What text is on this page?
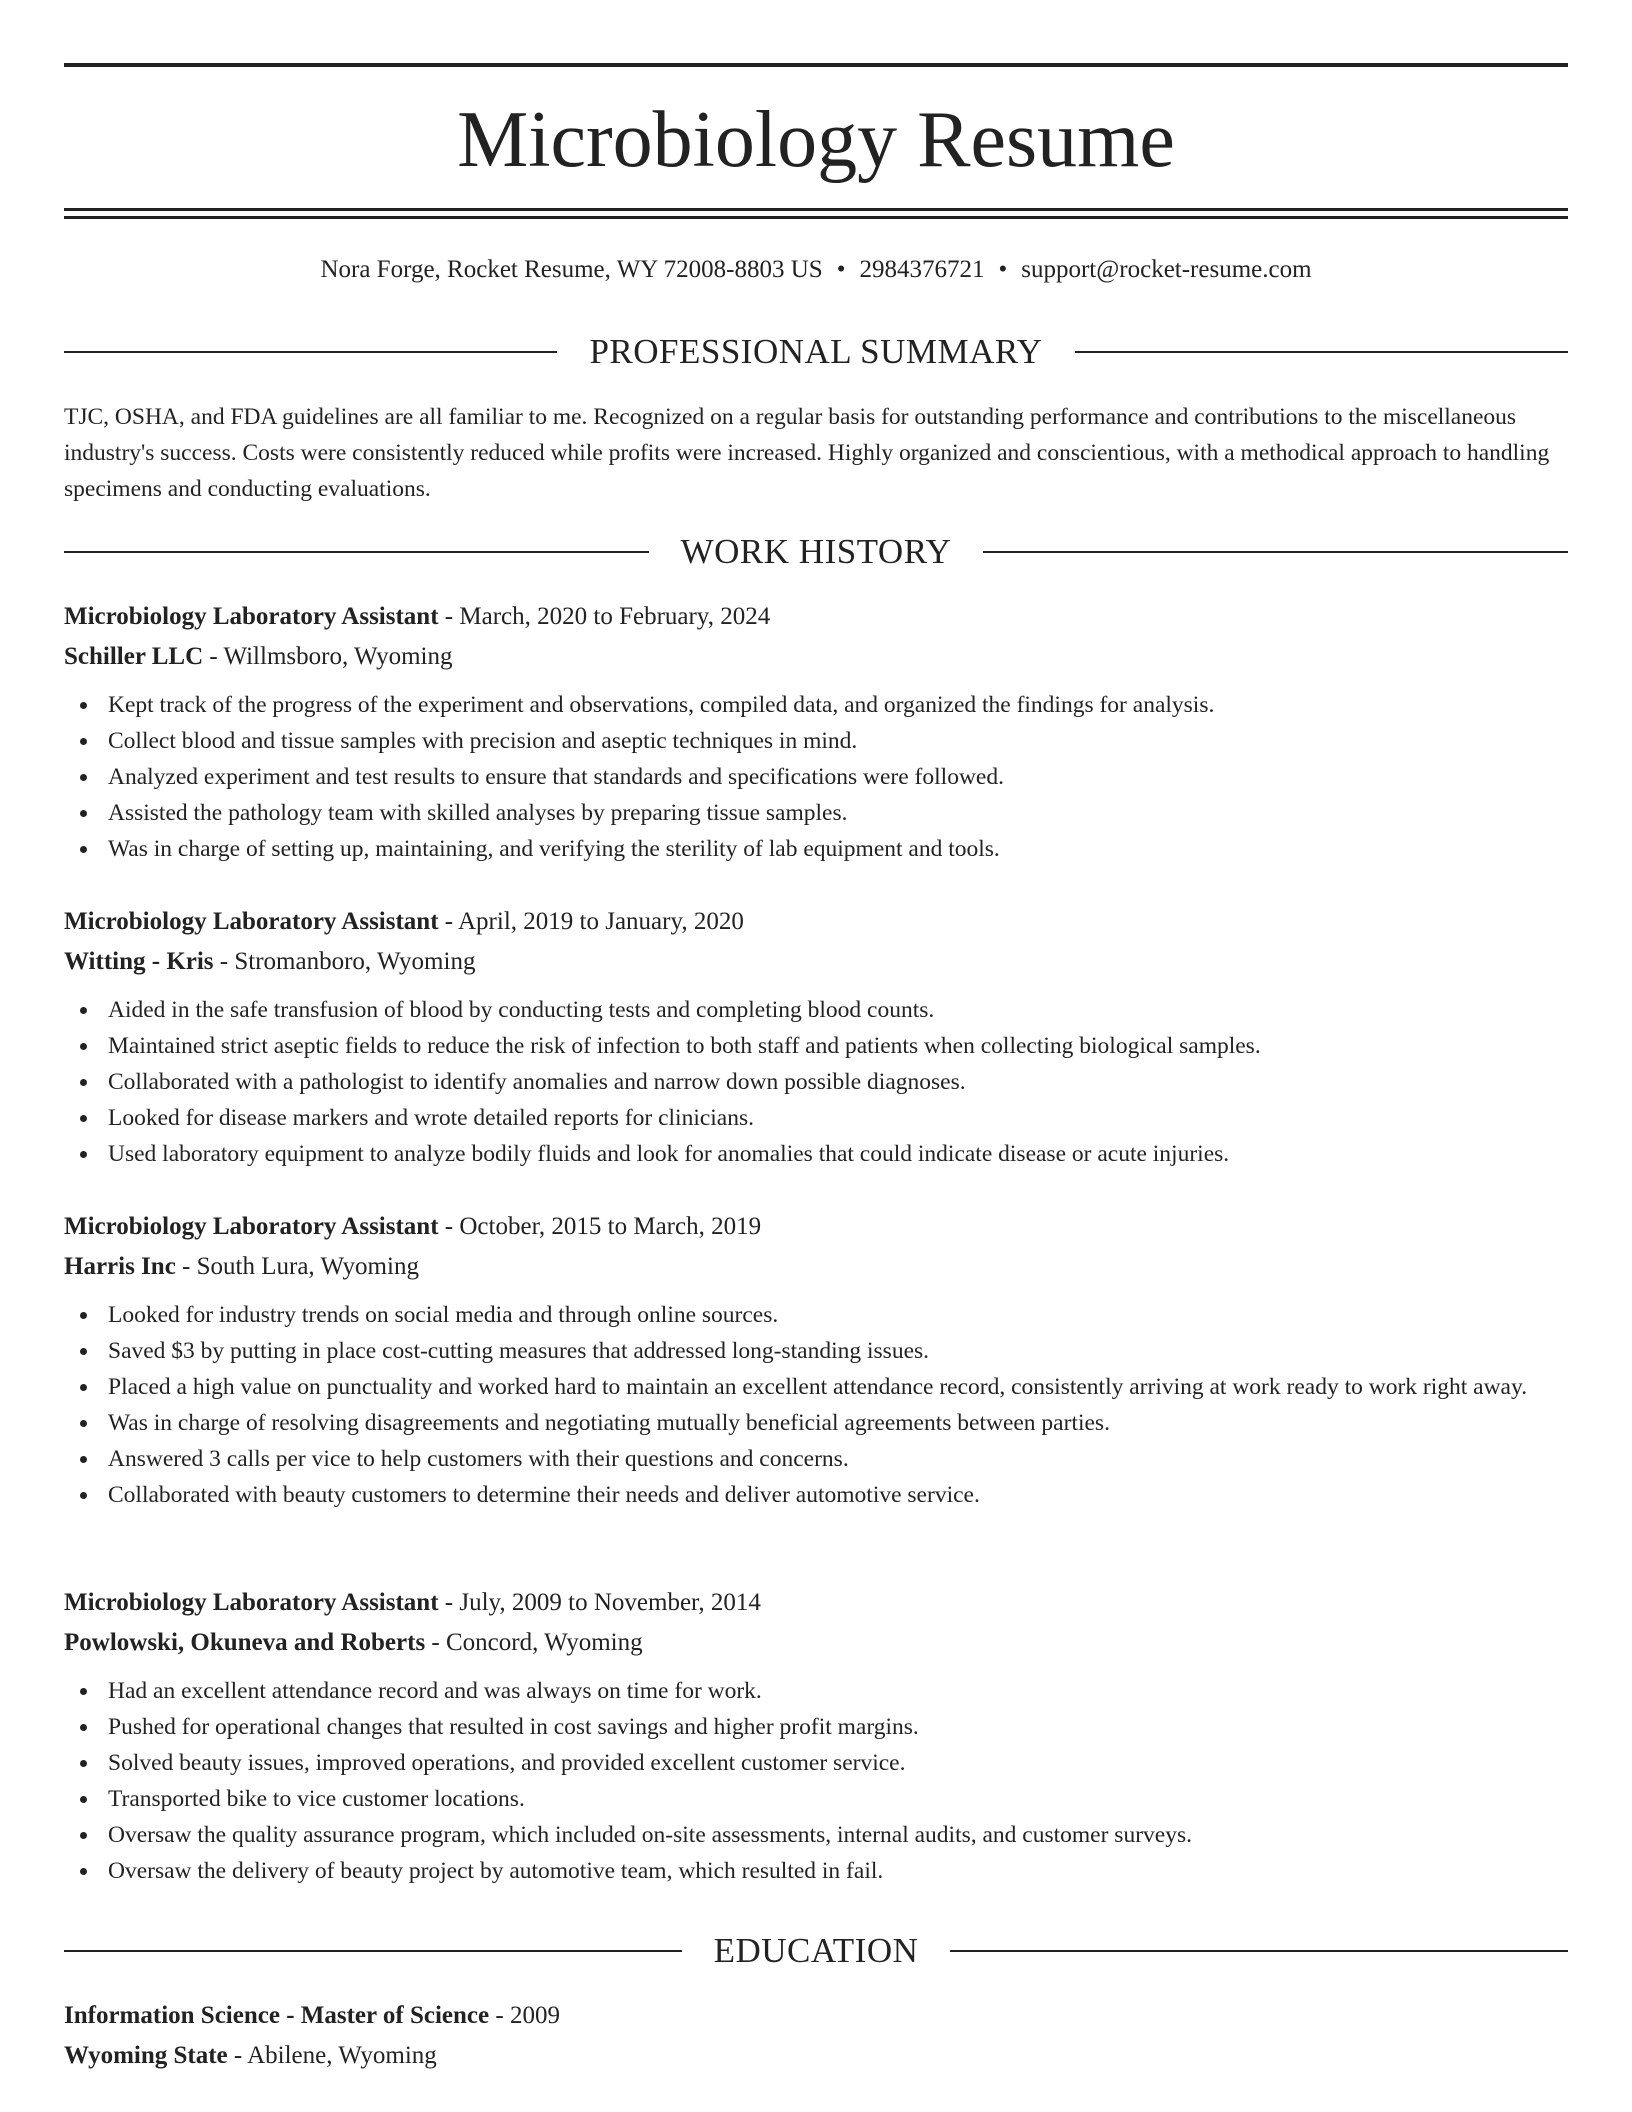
Microbiology Resume
Nora Forge, Rocket Resume, WY 72008-8803 US • 2984376721 • support@rocket-resume.com
PROFESSIONAL SUMMARY

TJC, OSHA, and FDA guidelines are all familiar to me. Recognized on a regular basis for outstanding performance and contributions to the miscellaneous industry's success. Costs were consistently reduced while profits were increased. Highly organized and conscientious, with a methodical approach to handling specimens and conducting evaluations.

WORK HISTORY
Microbiology Laboratory Assistant - March, 2020 to February, 2024
Schiller LLC - Willmsboro, Wyoming
Kept track of the progress of the experiment and observations, compiled data, and organized the findings for analysis.
Collect blood and tissue samples with precision and aseptic techniques in mind.
Analyzed experiment and test results to ensure that standards and specifications were followed.
Assisted the pathology team with skilled analyses by preparing tissue samples.
Was in charge of setting up, maintaining, and verifying the sterility of lab equipment and tools.
Microbiology Laboratory Assistant - April, 2019 to January, 2020
Witting - Kris - Stromanboro, Wyoming
Aided in the safe transfusion of blood by conducting tests and completing blood counts.
Maintained strict aseptic fields to reduce the risk of infection to both staff and patients when collecting biological samples.
Collaborated with a pathologist to identify anomalies and narrow down possible diagnoses.
Looked for disease markers and wrote detailed reports for clinicians.
Used laboratory equipment to analyze bodily fluids and look for anomalies that could indicate disease or acute injuries.
Microbiology Laboratory Assistant - October, 2015 to March, 2019
Harris Inc - South Lura, Wyoming
Looked for industry trends on social media and through online sources.
Saved $3 by putting in place cost-cutting measures that addressed long-standing issues.
Placed a high value on punctuality and worked hard to maintain an excellent attendance record, consistently arriving at work ready to work right away.
Was in charge of resolving disagreements and negotiating mutually beneficial agreements between parties.
Answered 3 calls per vice to help customers with their questions and concerns.
Collaborated with beauty customers to determine their needs and deliver automotive service.
Microbiology Laboratory Assistant - July, 2009 to November, 2014
Powlowski, Okuneva and Roberts - Concord, Wyoming
Had an excellent attendance record and was always on time for work.
Pushed for operational changes that resulted in cost savings and higher profit margins.
Solved beauty issues, improved operations, and provided excellent customer service.
Transported bike to vice customer locations.
Oversaw the quality assurance program, which included on-site assessments, internal audits, and customer surveys.
Oversaw the delivery of beauty project by automotive team, which resulted in fail.
EDUCATION
Information Science - Master of Science - 2009
Wyoming State - Abilene, Wyoming
